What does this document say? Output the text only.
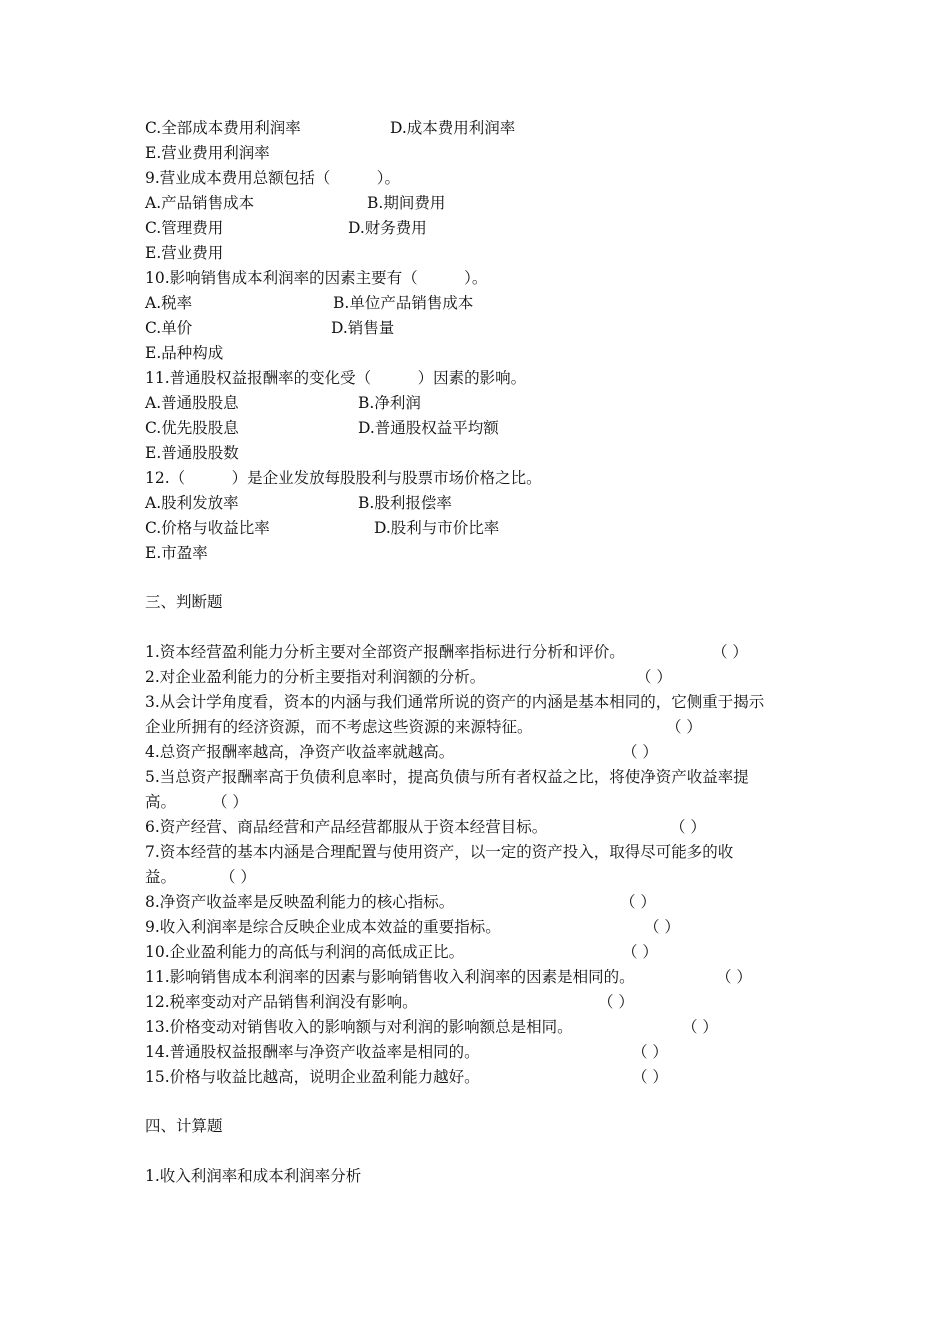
C.全部成本费用利润率	D.成本费用利润率
E.营业费用利润率
9.营业成本费用总额包括（　　　）。
A.产品销售成本	B.期间费用
C.管理费用	D.财务费用
E.营业费用
10.影响销售成本利润率的因素主要有（　　　）。
A.税率	B.单位产品销售成本
C.单价	D.销售量
E.品种构成
11.普通股权益报酬率的变化受（　　　）因素的影响。
A.普通股股息	B.净利润
C.优先股股息	D.普通股权益平均额
E.普通股股数
12.（　　　）是企业发放每股股利与股票市场价格之比。
A.股利发放率	B.股利报偿率
C.价格与收益比率	D.股利与市价比率
E.市盈率
三、判断题
1.资本经营盈利能力分析主要对全部资产报酬率指标进行分析和评价。	（ ）
2.对企业盈利能力的分析主要指对利润额的分析。	（ ）
3.从会计学角度看，资本的内涵与我们通常所说的资产的内涵是基本相同的，它侧重于揭示
企业所拥有的经济资源，而不考虑这些资源的来源特征。	（ ）
4.总资产报酬率越高，净资产收益率就越高。	（ ）
5.当总资产报酬率高于负债利息率时，提高负债与所有者权益之比，将使净资产收益率提
高。 （ ）
6.资产经营、商品经营和产品经营都服从于资本经营目标。	（ ）
7.资本经营的基本内涵是合理配置与使用资产，以一定的资产投入，取得尽可能多的收
益。	（ ）
8.净资产收益率是反映盈利能力的核心指标。	（ ）
9.收入利润率是综合反映企业成本效益的重要指标。	（ ）
10.企业盈利能力的高低与利润的高低成正比。	（ ）
11.影响销售成本利润率的因素与影响销售收入利润率的因素是相同的。	（ ）
12.税率变动对产品销售利润没有影响。	（ ）
13.价格变动对销售收入的影响额与对利润的影响额总是相同。	（ ）
14.普通股权益报酬率与净资产收益率是相同的。	（ ）
15.价格与收益比越高，说明企业盈利能力越好。	（ ）
四、计算题
1.收入利润率和成本利润率分析
